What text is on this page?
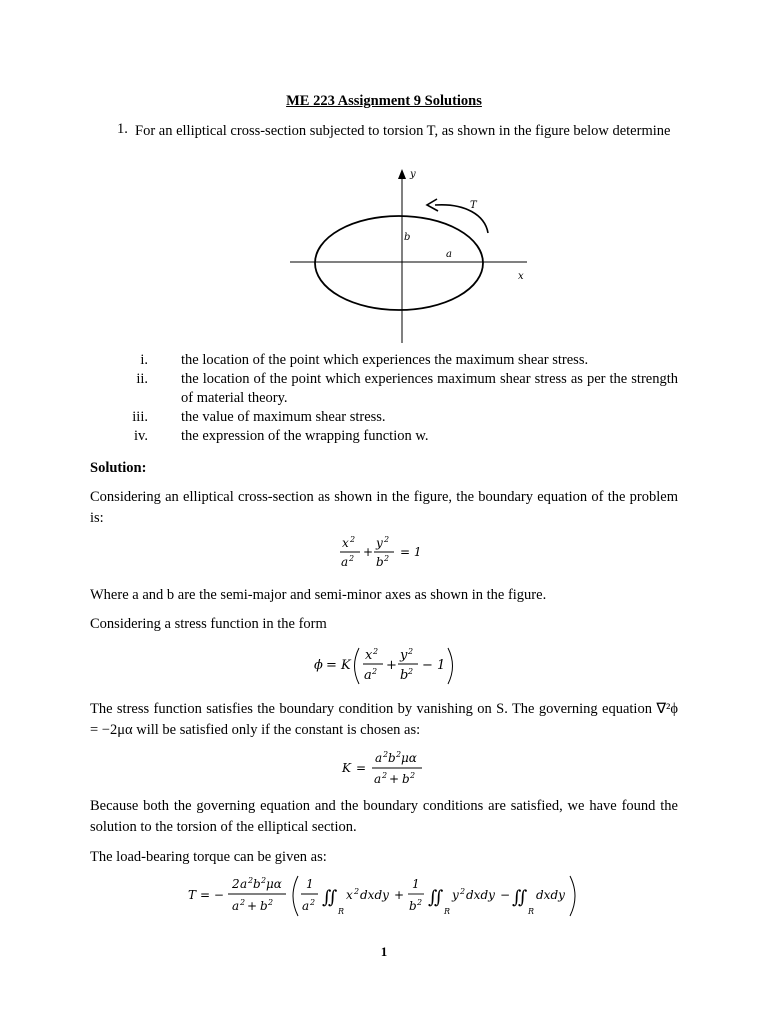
ME 223 Assignment 9 Solutions
1. For an elliptical cross-section subjected to torsion T, as shown in the figure below determine
y
T
b
a
x
i. the location of the point which experiences the maximum shear stress.
ii. the location of the point which experiences maximum shear stress as per the strength of material theory.
iii. the value of maximum shear stress.
iv. the expression of the wrapping function w.
Solution:
Considering an elliptical cross-section as shown in the figure, the boundary equation of the problem is:
x 2
a 2 +
y 2
b 2 = 1
Where a and b are the semi-major and semi-minor axes as shown in the figure.
Considering a stress function in the form
ϕ = K
x 2
a 2 +
y 2
b 2 − 1
The stress function satisfies the boundary condition by vanishing on S. The governing equation ∇²ϕ = −2μα will be satisfied only if the constant is chosen as:
K =
a 2 b 2 μα
a 2 + b 2
Because both the governing equation and the boundary conditions are satisfied, we have found the solution to the torsion of the elliptical section.
The load-bearing torque can be given as:
T = −
2 a 2 b 2 μα
a 2 + b 2
1
a 2 ∬
R
x 2 dxdy +
1
b 2 ∬
R
y 2 dxdy − ∬
R
dxdy
1
